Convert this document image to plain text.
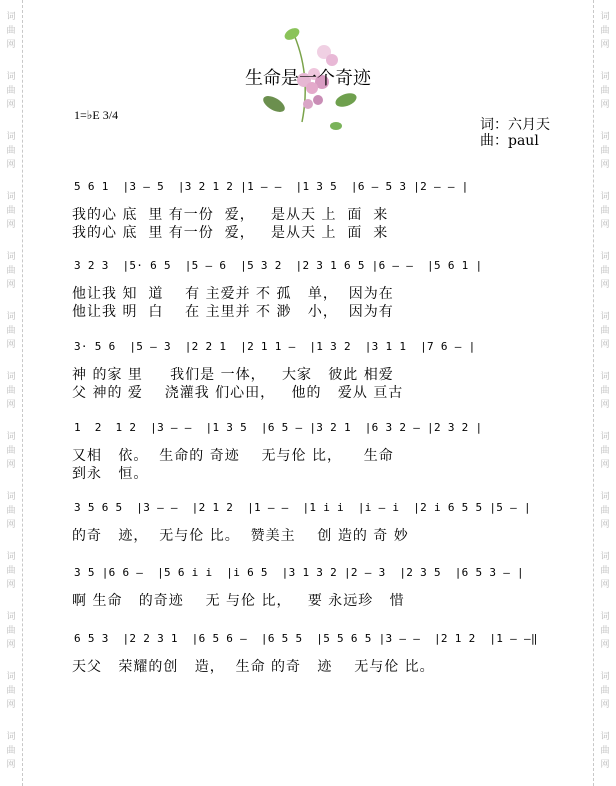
词
曲
网
词
曲
网
词
曲
网
词
曲
网
词
曲
网
词
曲
网
词
曲
网
词
曲
网
词
曲
网
词
曲
网
词
曲
网
词
曲
网
词
曲
网
词
曲
网
词
曲
网
词
曲
网
词
曲
网
词
曲
网
词
曲
网
词
曲
网
词
曲
网
词
曲
网
词
曲
网
词
曲
网
词
曲
网
词
曲
网
生命是一个奇迹
1=♭E 3/4
词：六月天
曲：paul
5 6 1  |3 – 5  |3 2 1 2 |1 – –  |1 3 5  |6 – 5 3 |2 – – |
我的心 底  里 有一份  爱，   是从天 上  面  来
我的心 底  里 有一份  爱，   是从天 上  面  来
3 2 3  |5· 6 5  |5 – 6  |5 3 2  |2 3 1 6 5 |6 – –  |5 6 1 |
他让我 知  道    有 主爱并 不 孤   单，  因为在
他让我 明  白    在 主里并 不 渺   小，  因为有
3· 5 6  |5 – 3  |2 2 1  |2 1 1 –  |1 3 2  |3 1 1  |7 6 – |
神 的家 里     我们是 一体，   大家   彼此 相爱
父 神的 爱    浇灌我 们心田，   他的   爱从 亘古
1  2  1 2  |3 – –  |1 3 5  |6 5 – |3 2 1  |6 3 2 – |2 3 2 |
又相   依。  生命的 奇迹    无与伦 比，    生命
到永   恒。
3 5 6 5  |3 – –  |2 1 2  |1 – –  |1 i i  |i – i  |2 i 6 5 5 |5 – |
的奇   迹，  无与伦 比。  赞美主    创 造的 奇 妙
3 5 |6 6 –  |5 6 i i  |i 6 5  |3 1 3 2 |2 – 3  |2 3 5  |6 5 3 – |
啊 生命   的奇迹    无 与伦 比，   要 永远珍   惜
6 5 3  |2 2 3 1  |6 5 6 –  |6 5 5  |5 5 6 5 |3 – –  |2 1 2  |1 – –‖
天父   荣耀的创   造，  生命 的奇   迹    无与伦 比。
